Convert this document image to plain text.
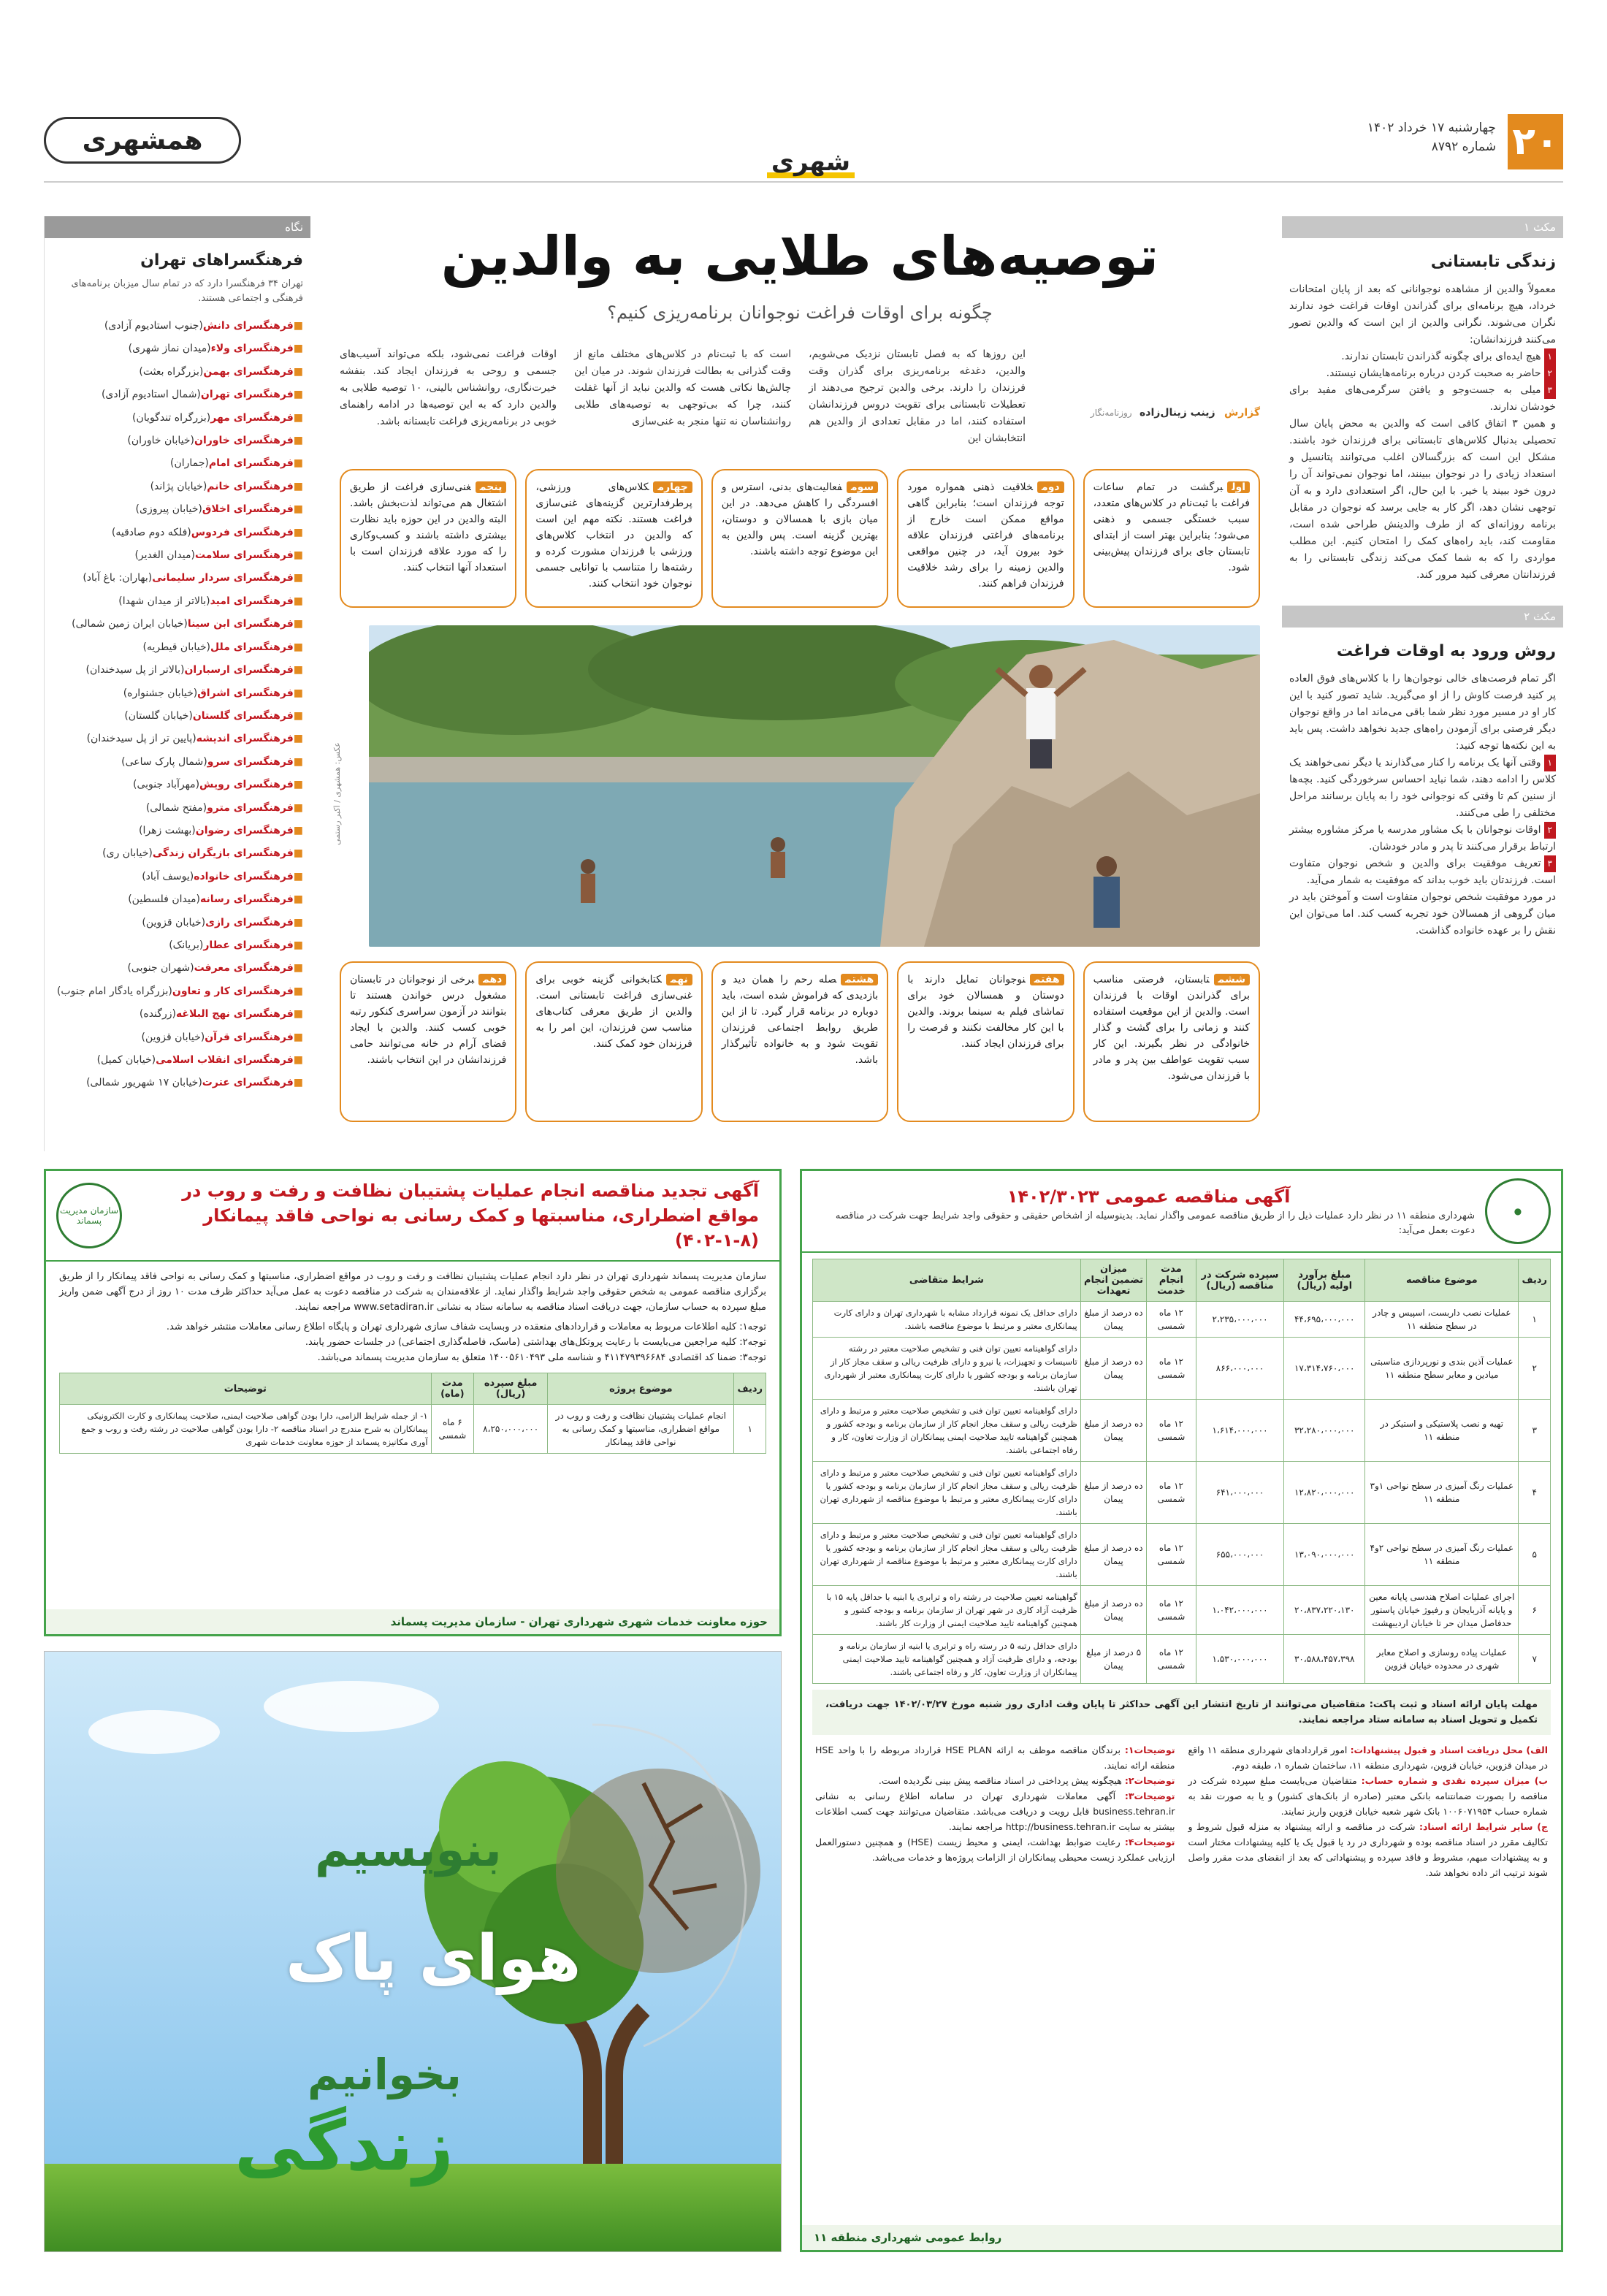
۲۰
چهارشنبه ۱۷ خرداد ۱۴۰۲
شماره ۸۷۹۲
شهری
همشهری
مکث ۱
زندگی تابستانی

معمولاً والدین از مشاهده نوجوانانی که بعد از پایان امتحانات خرداد، هیچ برنامه‌ای برای گذراندن اوقات فراغت خود ندارند نگران می‌شوند. نگرانی والدین از این است که والدین تصور می‌کنند فرزندانشان:

۱هیچ ایده‌ای برای چگونه گذراندن تابستان ندارند.

۲حاضر به صحبت کردن درباره برنامه‌هایشان نیستند.

۳میلی به جست‌وجو و یافتن سرگرمی‌های مفید برای خودشان ندارند.

و همین ۳ اتفاق کافی است که والدین به محض پایان سال تحصیلی بدنبال کلاس‌های تابستانی برای فرزندان خود باشند. مشکل این است که بزرگسالان اغلب می‌توانند پتانسیل و استعداد زیادی را در نوجوان ببینند، اما نوجوان نمی‌تواند آن را درون خود ببیند یا خیر. با این حال، اگر استعدادی دارد و به آن توجهی نشان دهد، اگر کار به جایی برسد که نوجوان در مقابل برنامه روزانه‌ای که از طرف والدینش طراحی شده است، مقاومت کند، باید راه‌های کمک را امتحان کنیم. این مطلب مواردی را که به شما کمک می‌کند زندگی تابستانی را به فرزندانتان معرفی کنید مرور کند.

مکث ۲
روش ورود به اوقات فراغت

اگر تمام فرصت‌های خالی نوجوان‌ها را با کلاس‌های فوق العاده پر کنید فرصت کاوش را از او می‌گیرید. شاید تصور کنید با این کار او در مسیر مورد نظر شما باقی می‌ماند اما در واقع نوجوان دیگر فرصتی برای آزمودن راه‌های جدید نخواهد داشت. پس باید به این نکته‌ها توجه کنید:

۱وقتی آنها یک برنامه را کنار می‌گذارند یا دیگر نمی‌خواهند یک کلاس را ادامه دهند، شما نباید احساس سرخوردگی کنید. بچه‌ها از سنین کم تا وقتی که نوجوانی خود را به پایان برسانند مراحل مختلفی را طی می‌کنند.

۲اوقات نوجوانان با یک مشاور مدرسه یا مرکز مشاوره بیشتر ارتباط برقرار می‌کنند تا پدر و مادر خودشان.

۳تعریف موفقیت برای والدین و شخص نوجوان متفاوت است. فرزندتان باید خوب بداند که موفقیت به شمار می‌آید.

در مورد موفقیت شخص نوجوان متفاوت است و آموختن باید در میان گروهی از همسالان خود تجربه کسب کند. اما می‌توان این نقش را بر عهده خانواده گذاشت.

توصیه‌های طلایی به والدین
چگونه برای اوقات فراغت نوجوانان برنامه‌ریزی کنیم؟
گزارش زینب زینال‌زاده روزنامه‌نگار
این روزها که به فصل تابستان نزدیک می‌شویم، والدین، دغدغه برنامه‌ریزی برای گذران وقت فرزندان را دارند. برخی والدین ترجیح می‌دهند از تعطیلات تابستانی برای تقویت دروس فرزندانشان استفاده کنند، اما در مقابل تعدادی از والدین هم انتخابشان این
است که با ثبت‌نام در کلاس‌های مختلف مانع از وقت گذرانی به بطالت فرزندان شوند. در میان این چالش‌ها نکاتی هست که والدین نباید از آنها غفلت کنند، چرا که بی‌توجهی به توصیه‌های طلایی روانشناسان نه تنها منجر به غنی‌سازی
اوقات فراغت نمی‌شود، بلکه می‌تواند آسیب‌های جسمی و روحی به فرزندان ایجاد کند. بنفشه خیرت‌نگاری، روانشناس بالینی، ۱۰ توصیه طلایی به والدین دارد که به این توصیه‌ها در ادامه راهنمای خوبی در برنامه‌ریزی فراغت تابستانه باشد.
اولبرگشت در تمام ساعات فراغت با ثبت‌نام در کلاس‌های متعدد، سبب خستگی جسمی و ذهنی می‌شود؛ بنابراین بهتر است از ابتدای تابستان جای برای فرزندان پیش‌بینی شود.
دومخلاقیت ذهنی همواره مورد توجه فرزندان است؛ بنابراین گاهی مواقع ممکن است خارج از برنامه‌های فراغتی فرزندان علاقه خود بیرون آید، در چنین مواقعی والدین زمینه را برای رشد خلاقیت فرزندان فراهم کنند.
سومفعالیت‌های بدنی، استرس و افسردگی را کاهش می‌دهد. در این میان بازی با همسالان و دوستان، بهترین گزینه است. پس والدین به این موضوع توجه داشته باشند.
چهارمکلاس‌های ورزشی، پرطرفدارترین گزینه‌های غنی‌سازی فراغت هستند. نکته مهم این است که والدین در انتخاب کلاس‌های ورزشی با فرزندان مشورت کرده و رشته‌ها را متناسب با توانایی جسمی نوجوان خود انتخاب کنند.
پنجمغنی‌سازی فراغت از طریق اشتغال هم می‌تواند لذت‌بخش باشد. البته والدین در این حوزه باید نظارت بیشتری داشته باشند و کسب‌وکاری را که مورد علاقه فرزندان است با استعداد آنها انتخاب کنند.
عکس: همشهری / اکبر رستمی
ششمتابستان، فرصتی مناسب برای گذراندن اوقات با فرزندان است. والدین از این موقعیت استفاده کنند و زمانی را برای گشت و گذار خانوادگی در نظر بگیرند. این کار سبب تقویت عواطف بین پدر و مادر با فرزندان می‌شود.
هفتمنوجوانان تمایل دارند با دوستان و همسالان خود برای تماشای فیلم به سینما بروند. والدین با این کار مخالفت نکنند و فرصت را برای فرزندان ایجاد کنند.
هشتمصله رحم را همان دید و بازدیدی که فراموش شده است، باید دوباره در برنامه قرار گیرد. تا از این طریق روابط اجتماعی فرزندان تقویت شود و به خانواده تأثیرگذار باشد.
نهمکتابخوانی گزینه خوبی برای غنی‌سازی فراغت تابستانی است. والدین از طریق معرفی کتاب‌های مناسب سن فرزندان، این امر را به فرزندان خود کمک کنند.
دهمبرخی از نوجوانان در تابستان مشغول درس خواندن هستند تا بتوانند در آزمون سراسری کنکور رتبه خوبی کسب کنند. والدین با ایجاد فضای آرام در خانه می‌توانند حامی فرزندانشان در این انتخاب باشند.
نگاه
فرهنگسراهای تهران
تهران ۳۴ فرهنگسرا دارد که در تمام سال میزبان برنامه‌های فرهنگی و اجتماعی هستند.
■فرهنگسرای دانش(جنوب استادیوم آزادی)
■فرهنگسرای ولاء(میدان نماز شهری)
■فرهنگسرای بهمن(بزرگراه بعثت)
■فرهنگسرای تهران(شمال استادیوم آزادی)
■فرهنگسرای مهر(بزرگراه تندگویان)
■فرهنگسرای خاوران(خیابان خاوران)
■فرهنگسرای امام(جماران)
■فرهنگسرای خانم(خیابان پژاند)
■فرهنگسرای اخلاق(خیابان پیروزی)
■فرهنگسرای فردوس(فلکه دوم صادقیه)
■فرهنگسرای سلامت(میدان الغدیر)
■فرهنگسرای سردار سلیمانی(بهاران: باغ آباد)
■فرهنگسرای امید(بالاتر از میدان شهدا)
■فرهنگسرای ابن سینا(خیابان ایران زمین شمالی)
■فرهنگسرای ملل(خیابان قیطریه)
■فرهنگسرای ارسباران(بالاتر از پل سیدخندان)
■فرهنگسرای اشراق(خیابان جشنواره)
■فرهنگسرای گلستان(خیابان گلستان)
■فرهنگسرای اندیشه(پایین تر از پل سیدخندان)
■فرهنگسرای سرو(شمال پارک ساعی)
■فرهنگسرای رویش(مهرآباد جنوبی)
■فرهنگسرای مترو(مفتح شمالی)
■فرهنگسرای رضوان(بهشت زهرا)
■فرهنگسرای بازیگران زندگی(خیابان ری)
■فرهنگسرای خانواده(یوسف آباد)
■فرهنگسرای رسانه(میدان فلسطین)
■فرهنگسرای رازی(خیابان قزوین)
■فرهنگسرای عطار(بریانک)
■فرهنگسرای معرفت(شهران جنوبی)
■فرهنگسرای کار و تعاون(بزرگراه یادگار امام جنوب)
■فرهنگسرای نهج البلاغه(زرگنده)
■فرهنگسرای قرآن(خیابان قزوین)
■فرهنگسرای انقلاب اسلامی(خیابان کمیل)
■فرهنگسرای عترت(خیابان ۱۷ شهریور شمالی)
آگهی تجدید مناقصه انجام عملیات پشتیبان نظافت و رفت و روب در مواقع اضطراری، مناسبتها و کمک رسانی به نواحی فاقد پیمانکار (۸-۱-۴۰۲)
سازمان مدیریت پسماند

سازمان مدیریت پسماند شهرداری تهران در نظر دارد انجام عملیات پشتیبان نظافت و رفت و روب در مواقع اضطراری، مناسبتها و کمک رسانی به نواحی فاقد پیمانکار را از طریق برگزاری مناقصه عمومی به شخص حقوقی واجد شرایط واگذار نماید. از علاقه‌مندان به شرکت در مناقصه دعوت به عمل می‌آید حداکثر ظرف مدت ۱۰ روز از درج آگهی ضمن واریز مبلغ سپرده به حساب سازمان، جهت دریافت اسناد مناقصه به سامانه ستاد به نشانی www.setadiran.ir مراجعه نمایند.

توجه۱: کلیه اطلاعات مربوط به معاملات و قراردادهای منعقده در وبسایت شفاف سازی شهرداری تهران و پایگاه اطلاع رسانی معاملات منتشر خواهد شد.

توجه۲: کلیه مراجعین می‌بایست با رعایت پروتکل‌های بهداشتی (ماسک، فاصله‌گذاری اجتماعی) در جلسات حضور یابند.

توجه۳: ضمنا کد اقتصادی ۴۱۱۴۷۹۳۹۶۶۸۴ و شناسه ملی ۱۴۰۰۵۶۱۰۴۹۳ متعلق به سازمان مدیریت پسماند می‌باشد.

ردیف	موضوع پروژه	مبلغ سپرده (ریال)	مدت (ماه)	توضیحات
۱	انجام عملیات پشتیبان نظافت و رفت و روب در مواقع اضطراری، مناسبتها و کمک رسانی به نواحی فاقد پیمانکار	۸،۲۵۰،۰۰۰،۰۰۰	۶ ماه شمسی	۱- از جمله شرایط الزامی، دارا بودن گواهی صلاحیت ایمنی، صلاحیت پیمانکاری و کارت الکترونیکی پیمانکاران به شرح مندرج در اسناد مناقصه ۲- دارا بودن گواهی صلاحیت در رشته رفت و روب و جمع آوری مکانیزه پسماند از حوزه معاونت خدمات شهری
حوزه معاونت خدمات شهری شهرداری تهران - سازمان مدیریت پسماند
بنویسیم
هوای پاک
بخوانیم
زندگی
●
آگهی مناقصه عمومی ۱۴۰۲/۳۰۲۳
شهرداری منطقه ۱۱ در نظر دارد عملیات ذیل را از طریق مناقصه عمومی واگذار نماید. بدینوسیله از اشخاص حقیقی و حقوقی واجد شرایط جهت شرکت در مناقصه دعوت بعمل می‌آید:
ردیف	موضوع مناقصه	مبلغ برآورد اولیه (ریال)	سپرده شرکت در مناقصه (ریال)	مدت انجام خدمت	میزان تضمین انجام تعهدات	شرایط متقاضی
۱	عملیات نصب داربست، اسپیس و چادر در سطح منطقه ۱۱	۴۴،۶۹۵،۰۰۰،۰۰۰	۲،۲۳۵،۰۰۰،۰۰۰	۱۲ ماه شمسی	ده درصد از مبلغ پیمان	دارای حداقل یک نمونه قرارداد مشابه با شهرداری تهران و دارای کارت پیمانکاری معتبر و مرتبط با موضوع مناقصه باشند.
۲	عملیات آذین بندی و نورپردازی مناسبتی میادین و معابر سطح منطقه ۱۱	۱۷،۳۱۴،۷۶۰،۰۰۰	۸۶۶،۰۰۰،۰۰۰	۱۲ ماه شمسی	ده درصد از مبلغ پیمان	دارای گواهینامه تعیین توان فنی و تشخیص صلاحیت معتبر در رشته تاسیسات و تجهیزات، یا نیرو و دارای ظرفیت ریالی و سقف مجاز کار از سازمان برنامه و بودجه کشور یا دارای کارت پیمانکاری معتبر از شهرداری تهران باشند.
۳	تهیه و نصب پلاستیکی و استیکر در منطقه ۱۱	۳۲،۲۸۰،۰۰۰،۰۰۰	۱،۶۱۴،۰۰۰،۰۰۰	۱۲ ماه شمسی	ده درصد از مبلغ پیمان	دارای گواهینامه تعیین توان فنی و تشخیص صلاحیت معتبر و مرتبط و دارای ظرفیت ریالی و سقف مجاز انجام کار از سازمان برنامه و بودجه کشور و همچنین گواهینامه تایید صلاحیت ایمنی پیمانکاران از وزارت تعاون، کار و رفاه اجتماعی باشند.
۴	عملیات رنگ آمیزی در سطح نواحی ۱و۳ منطقه ۱۱	۱۲،۸۲۰،۰۰۰،۰۰۰	۶۴۱،۰۰۰،۰۰۰	۱۲ ماه شمسی	ده درصد از مبلغ پیمان	دارای گواهینامه تعیین توان فنی و تشخیص صلاحیت معتبر و مرتبط و دارای ظرفیت ریالی و سقف مجاز انجام کار از سازمان برنامه و بودجه کشور یا دارای کارت پیمانکاری معتبر و مرتبط با موضوع مناقصه از شهرداری تهران باشند.
۵	عملیات رنگ آمیزی در سطح نواحی ۲و۴ منطقه ۱۱	۱۳،۰۹۰،۰۰۰،۰۰۰	۶۵۵،۰۰۰،۰۰۰	۱۲ ماه شمسی	ده درصد از مبلغ پیمان	دارای گواهینامه تعیین توان فنی و تشخیص صلاحیت معتبر و مرتبط و دارای ظرفیت ریالی و سقف مجاز انجام کار از سازمان برنامه و بودجه کشور یا دارای کارت پیمانکاری معتبر و مرتبط با موضوع مناقصه از شهرداری تهران باشند.
۶	اجرای عملیات اصلاح هندسی پایانه معین و پایانه آذربایجان و رفیوژ خیابان پاستور حدفاصل میدان حر تا خیابان اردیبهشت	۲۰،۸۳۷،۲۲۰،۱۳۰	۱،۰۴۲،۰۰۰،۰۰۰	۱۲ ماه شمسی	ده درصد از مبلغ پیمان	گواهینامه تعیین صلاحیت در رشته راه و ترابری یا ابنیه با حداقل پایه ۱۵ با ظرفیت آزاد کاری در شهر تهران از سازمان برنامه و بودجه کشور و همچنین گواهینامه تایید صلاحیت ایمنی از وزارت کار باشند.
۷	عملیات پیاده روسازی و اصلاح معابر شهری در محدوده خیابان قزوین	۳۰،۵۸۸،۴۵۷،۳۹۸	۱،۵۳۰،۰۰۰،۰۰۰	۱۲ ماه شمسی	۵ درصد از مبلغ پیمان	دارای حداقل رتبه ۵ در رسته راه و ترابری یا ابنیه از سازمان برنامه و بودجه، و دارای ظرفیت آزاد و همچنین گواهینامه تایید صلاحیت ایمنی پیمانکاران از وزارت تعاون، کار و رفاه اجتماعی باشند.
مهلت پایان ارائه اسناد و ثبت پاکت: متقاضیان می‌توانند از تاریخ انتشار این آگهی حداکثر تا پایان وقت اداری روز شنبه مورخ ۱۴۰۲/۰۳/۲۷ جهت دریافت، تکمیل و تحویل اسناد به سامانه ستاد مراجعه نمایند.

الف) محل دریافت اسناد و قبول پیشنهادات: امور قراردادهای شهرداری منطقه ۱۱ واقع در میدان قزوین، خیابان قزوین، شهرداری منطقه ۱۱، ساختمان شماره ۱، طبقه دوم.

ب) میزان سپرده نقدی و شماره حساب: متقاضیان می‌بایست مبلغ سپرده شرکت در مناقصه را بصورت ضمانتنامه بانکی معتبر (صادره از بانک‌های کشور) و یا به صورت نقد به شماره حساب ۱۰۰۶۰۷۱۹۵۴ بانک شهر شعبه خیابان قزوین واریز نمایند.

ج) سایر شرایط ارائه اسناد: شرکت در مناقصه و ارائه پیشنهاد به منزله قبول شروط و تکالیف مقرر در اسناد مناقصه بوده و شهرداری در رد یا قبول یک یا کلیه پیشنهادات مختار است و به پیشنهادات مبهم، مشروط و فاقد سپرده و پیشنهاداتی که بعد از انقضای مدت مقرر واصل شوند ترتیب اثر داده نخواهد شد.

توضیحات۱: برندگان مناقصه موظف به ارائه HSE PLAN قرارداد مربوطه را با واحد HSE منطقه ارائه نمایند.

توضیحات۲: هیچگونه پیش پرداختی در اسناد مناقصه پیش بینی نگردیده است.

توضیحات۳: آگهی معاملات شهرداری تهران در سامانه اطلاع رسانی به نشانی business.tehran.ir قابل رویت و دریافت می‌باشد. متقاضیان می‌توانند جهت کسب اطلاعات بیشتر به سایت http://business.tehran.ir مراجعه نمایند.

توضیحات۴: رعایت ضوابط بهداشت، ایمنی و محیط زیست (HSE) و همچنین دستورالعمل ارزیابی عملکرد زیست محیطی پیمانکاران از الزامات پروژه‌ها و خدمات می‌باشد.

روابط عمومی شهرداری منطقه ۱۱
